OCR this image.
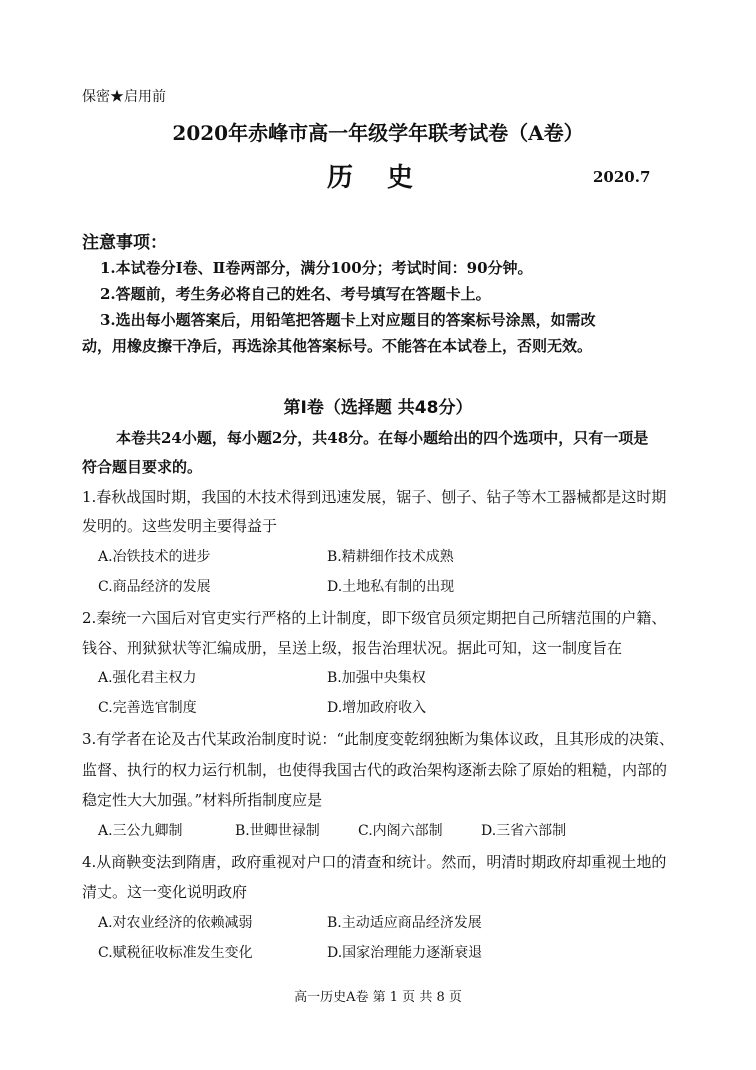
保密★启用前
2020年赤峰市高一年级学年联考试卷（A卷）
历史	2020.7
注意事项：
1.本试卷分Ⅰ卷、Ⅱ卷两部分，满分100分；考试时间：90分钟。
2.答题前，考生务必将自己的姓名、考号填写在答题卡上。
3.选出每小题答案后，用铅笔把答题卡上对应题目的答案标号涂黑，如需改
动，用橡皮擦干净后，再选涂其他答案标号。不能答在本试卷上，否则无效。
第Ⅰ卷（选择题 共48分）
本卷共24小题，每小题2分，共48分。在每小题给出的四个选项中，只有一项是
符合题目要求的。
1.春秋战国时期，我国的木技术得到迅速发展，锯子、刨子、钻子等木工器械都是这时期
发明的。这些发明主要得益于
A.冶铁技术的进步	B.精耕细作技术成熟
C.商品经济的发展	D.土地私有制的出现
2.秦统一六国后对官吏实行严格的上计制度，即下级官员须定期把自己所辖范围的户籍、
钱谷、刑狱狱状等汇编成册，呈送上级，报告治理状况。据此可知，这一制度旨在
A.强化君主权力	B.加强中央集权
C.完善选官制度	D.增加政府收入
3.有学者在论及古代某政治制度时说：“此制度变乾纲独断为集体议政，且其形成的决策、
监督、执行的权力运行机制，也使得我国古代的政治架构逐渐去除了原始的粗糙，内部的
稳定性大大加强。”材料所指制度应是
A.三公九卿制	B.世卿世禄制	C.内阁六部制	D.三省六部制
4.从商鞅变法到隋唐，政府重视对户口的清查和统计。然而，明清时期政府却重视土地的
清丈。这一变化说明政府
A.对农业经济的依赖减弱	B.主动适应商品经济发展
C.赋税征收标准发生变化	D.国家治理能力逐渐衰退
高一历史A卷 第 1 页 共 8 页
